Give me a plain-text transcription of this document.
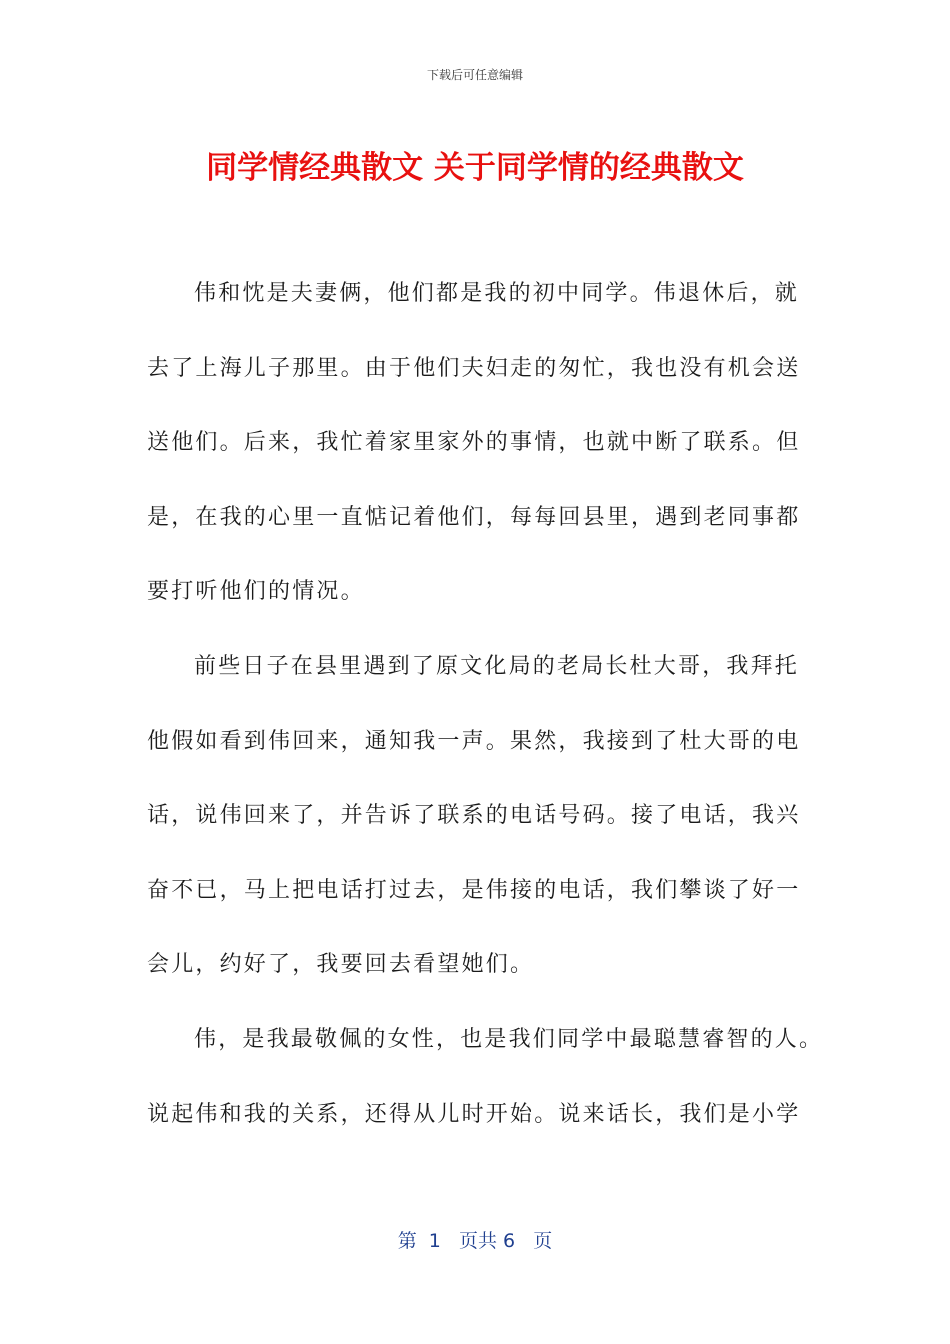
下载后可任意编辑
同学情经典散文 关于同学情的经典散文
伟和忱是夫妻俩，他们都是我的初中同学。伟退休后，就
去了上海儿子那里。由于他们夫妇走的匆忙，我也没有机会送
送他们。后来，我忙着家里家外的事情，也就中断了联系。但
是，在我的心里一直惦记着他们，每每回县里，遇到老同事都
要打听他们的情况。
前些日子在县里遇到了原文化局的老局长杜大哥，我拜托
他假如看到伟回来，通知我一声。果然，我接到了杜大哥的电
话，说伟回来了，并告诉了联系的电话号码。接了电话，我兴
奋不已，马上把电话打过去，是伟接的电话，我们攀谈了好一
会儿，约好了，我要回去看望她们。
伟，是我最敬佩的女性，也是我们同学中最聪慧睿智的人。
说起伟和我的关系，还得从儿时开始。说来话长，我们是小学
第  1   页共 6   页
